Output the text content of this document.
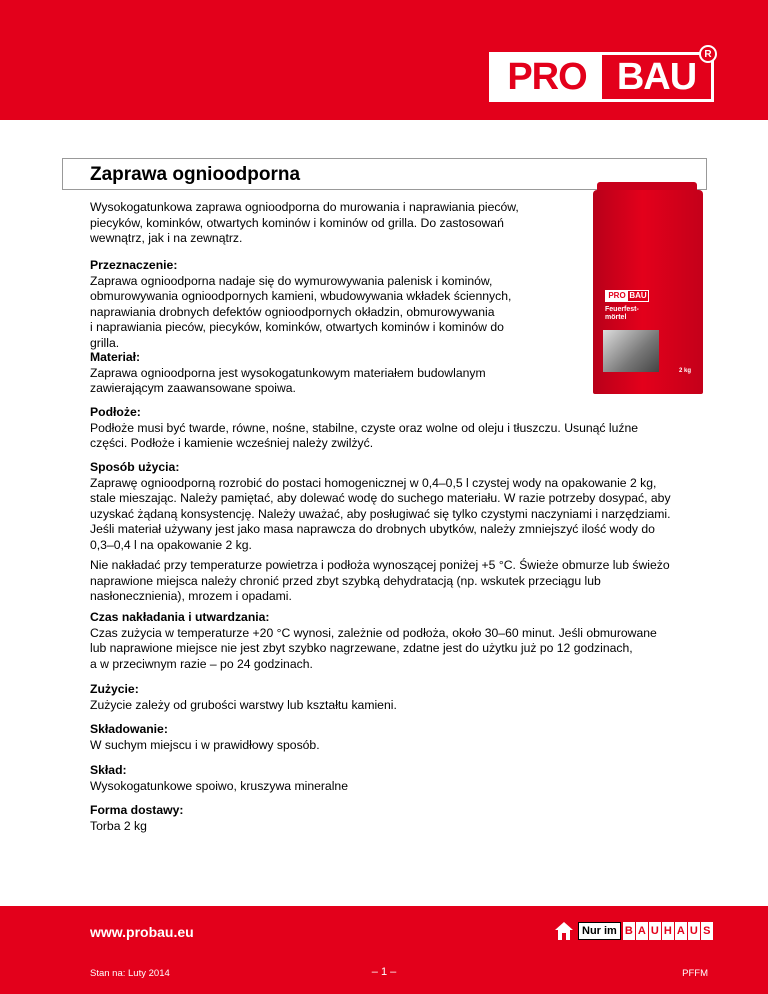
PRO BAU
R
Zaprawa ognioodporna
PRO BAU
Feuerfest-
mörtel
2 kg

Wysokogatunkowa zaprawa ognioodporna do murowania i naprawiania pieców,
piecyków, kominków, otwartych kominów i kominów od grilla. Do zastosowań
wewnątrz, jak i na zewnątrz.

Przeznaczenie:

Zaprawa ognioodporna nadaje się do wymurowywania palenisk i kominów,
obmurowywania ognioodpornych kamieni, wbudowywania wkładek ściennych,
naprawiania drobnych defektów ognioodpornych okładzin, obmurowywania
i naprawiania pieców, piecyków, kominków, otwartych kominów i kominów do
grilla.

Materiał:

Zaprawa ognioodporna jest wysokogatunkowym materiałem budowlanym
zawierającym zaawansowane spoiwa.

Podłoże:

Podłoże musi być twarde, równe, nośne, stabilne, czyste oraz wolne od oleju i tłuszczu. Usunąć luźne
części. Podłoże i kamienie wcześniej należy zwilżyć.

Sposób użycia:

Zaprawę ognioodporną rozrobić do postaci homogenicznej w 0,4–0,5 l czystej wody na opakowanie 2 kg,
stale mieszając. Należy pamiętać, aby dolewać wodę do suchego materiału. W razie potrzeby dosypać, aby
uzyskać żądaną konsystencję. Należy uważać, aby posługiwać się tylko czystymi naczyniami i narzędziami.
Jeśli materiał używany jest jako masa naprawcza do drobnych ubytków, należy zmniejszyć ilość wody do
0,3–0,4 l na opakowanie 2 kg.

Nie nakładać przy temperaturze powietrza i podłoża wynoszącej poniżej +5 °C. Świeże obmurze lub świeżo
naprawione miejsca należy chronić przed zbyt szybką dehydratacją (np. wskutek przeciągu lub
nasłonecznienia), mrozem i opadami.

Czas nakładania i utwardzania:

Czas zużycia w temperaturze +20 °C wynosi, zależnie od podłoża, około 30–60 minut. Jeśli obmurowane
lub naprawione miejsce nie jest zbyt szybko nagrzewane, zdatne jest do użytku już po 12 godzinach,
a w przeciwnym razie – po 24 godzinach.

Zużycie:

Zużycie zależy od grubości warstwy lub kształtu kamieni.

Składowanie:

W suchym miejscu i w prawidłowy sposób.

Skład:

Wysokogatunkowe spoiwo, kruszywa mineralne

Forma dostawy:

Torba 2 kg

www.probau.eu
Stan na: Luty 2014	– 1 –	PFFM
Nur im B A U H A U S
